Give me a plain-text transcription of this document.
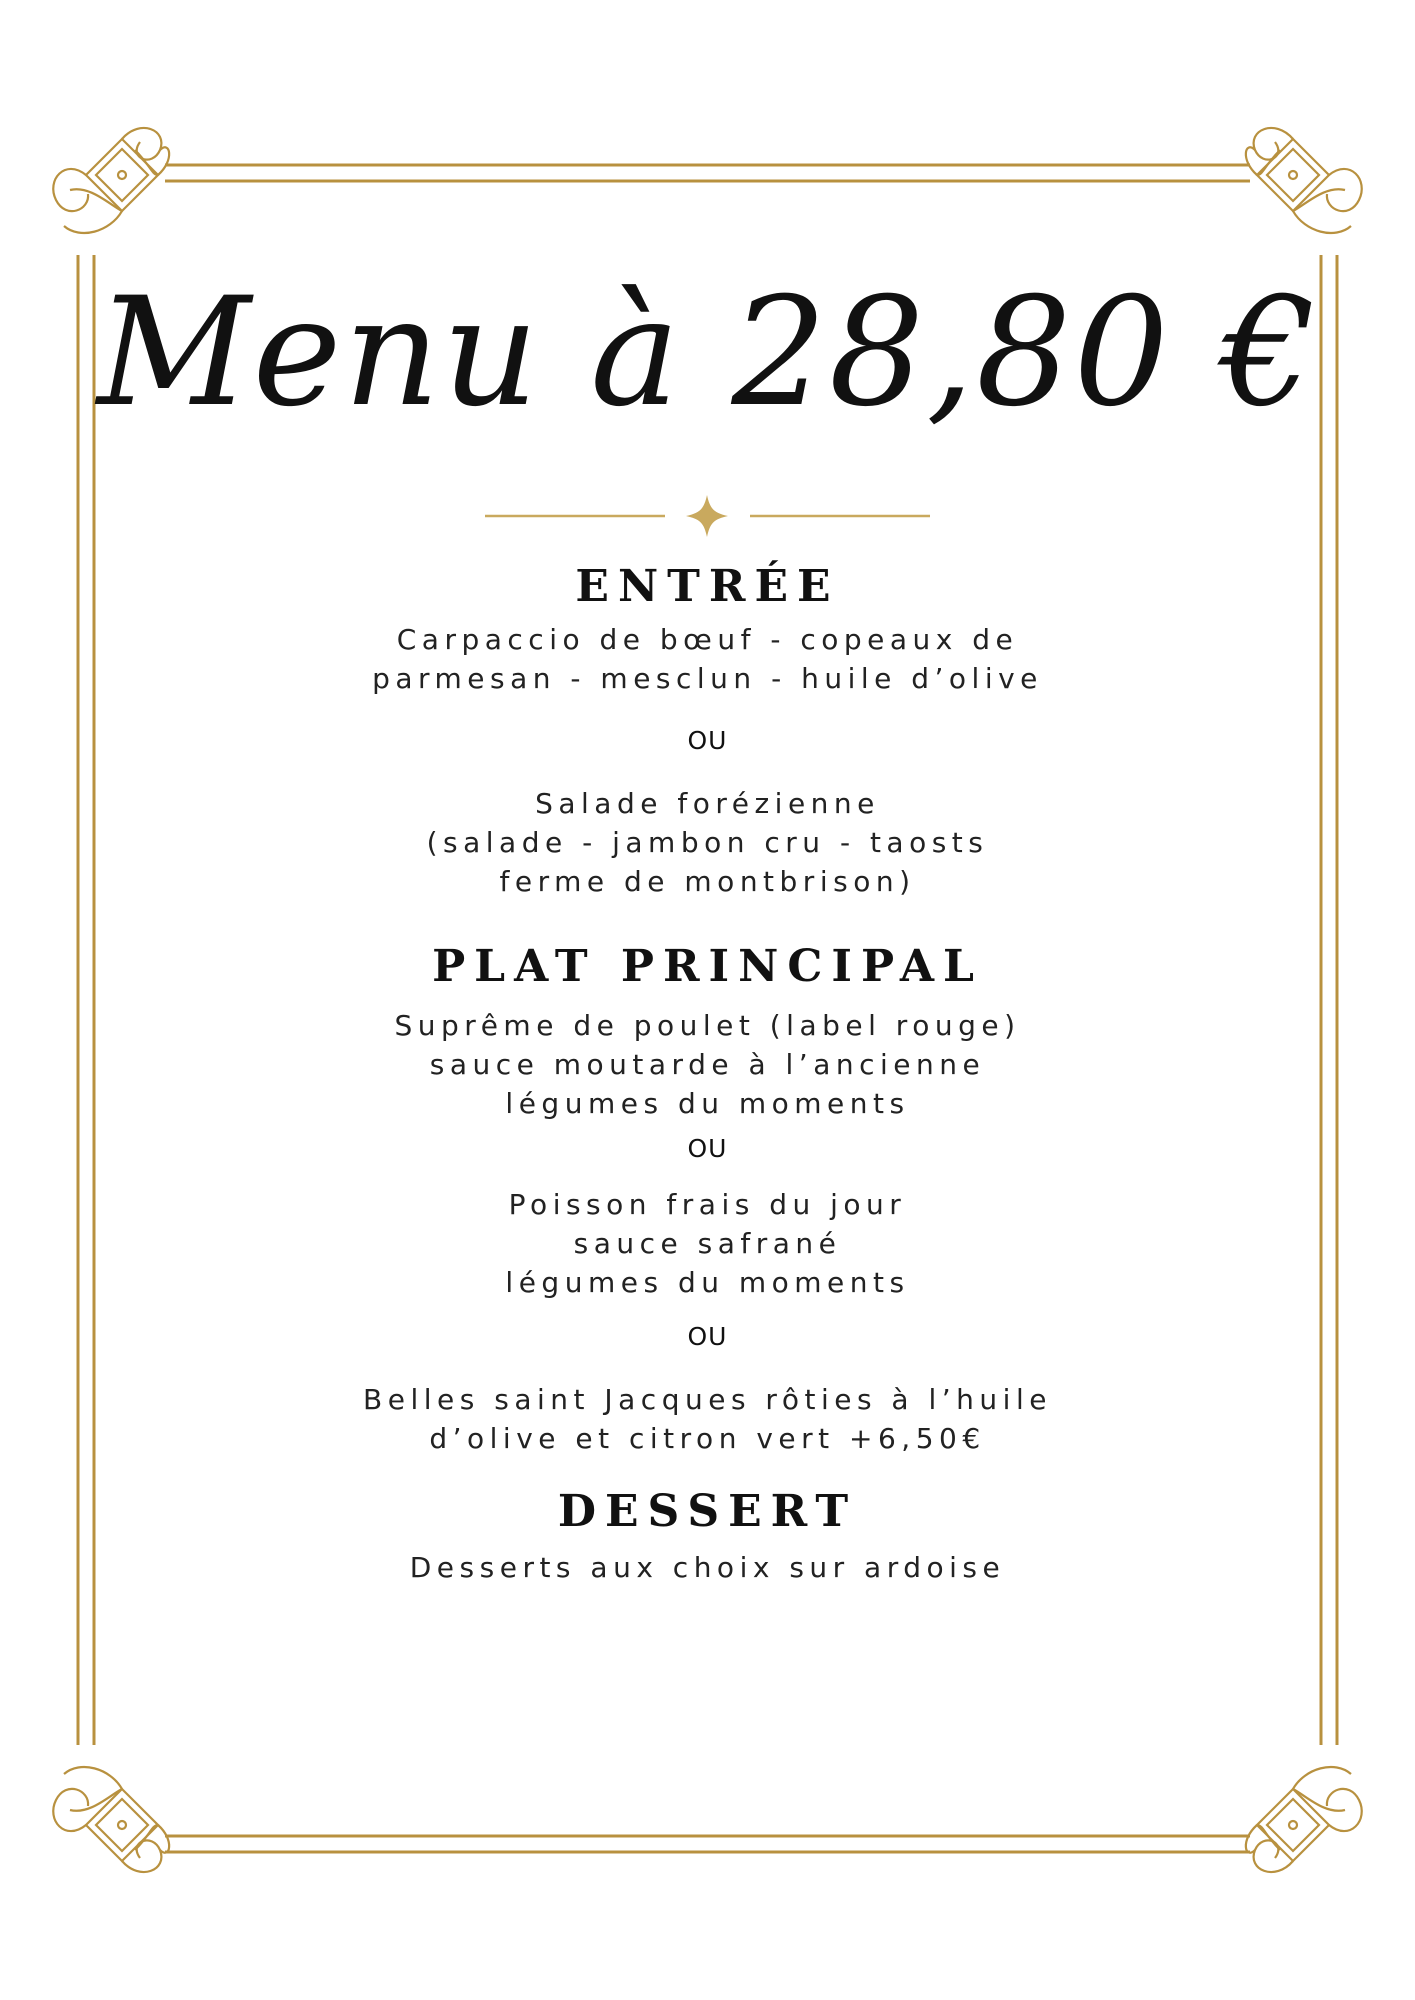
Menu à 28,80 €
ENTRÉE
Carpaccio de bœuf - copeaux de
parmesan - mesclun - huile d’olive
OU
Salade forézienne
(salade - jambon cru - taosts
ferme de montbrison)
PLAT PRINCIPAL
Suprême de poulet (label rouge)
sauce moutarde à l’ancienne
légumes du moments
OU
Poisson frais du jour
sauce safrané
légumes du moments
OU
Belles saint Jacques rôties à l’huile
d’olive et citron vert +6,50€
DESSERT
Desserts aux choix sur ardoise
